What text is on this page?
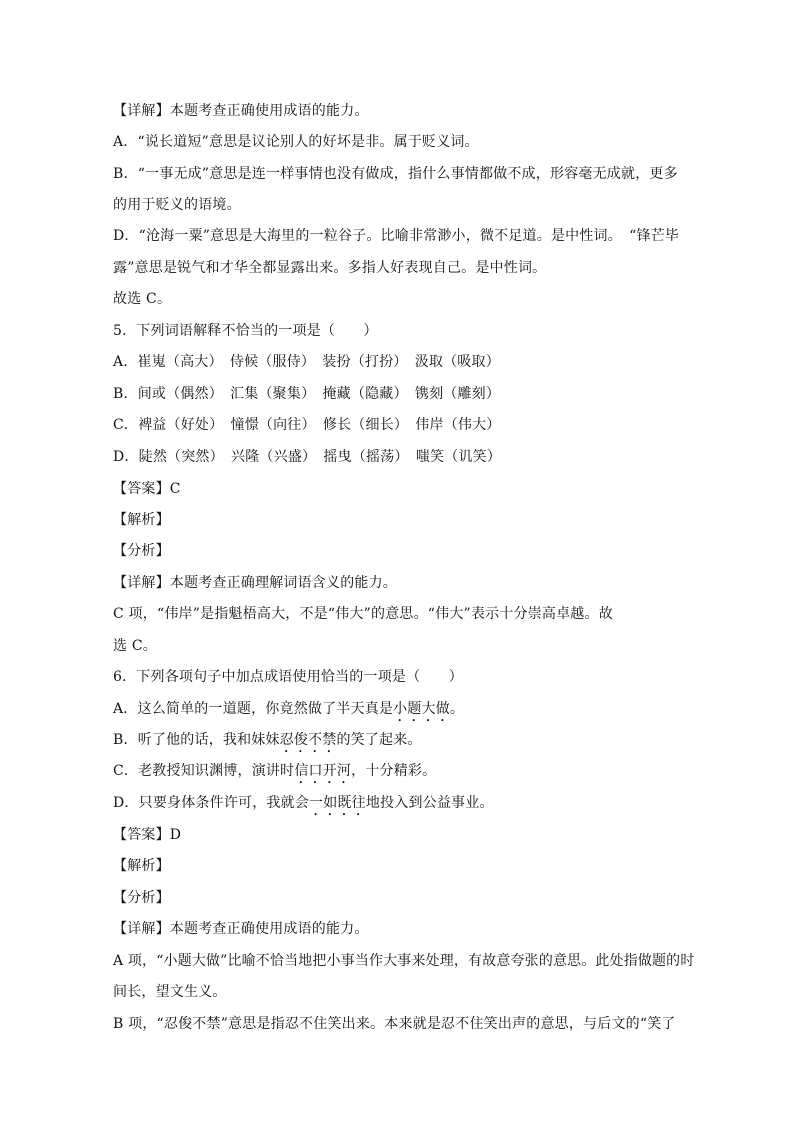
【详解】本题考查正确使用成语的能力。
A．“说长道短”意思是议论别人的好坏是非。属于贬义词。
B．“一事无成”意思是连一样事情也没有做成，指什么事情都做不成，形容毫无成就，更多
的用于贬义的语境。
D．“沧海一粟”意思是大海里的一粒谷子。比喻非常渺小，微不足道。是中性词。　“锋芒毕
露”意思是锐气和才华全都显露出来。多指人好表现自己。是中性词。
故选 C。
5．下列词语解释不恰当的一项是（　　）
A．崔嵬（高大）　侍候（服侍）　装扮（打扮）　汲取（吸取）
B．间或（偶然）　汇集（聚集）　掩藏（隐藏）　镌刻（雕刻）
C．裨益（好处）　憧憬（向往）　修长（细长）　伟岸（伟大）
D．陡然（突然）　兴隆（兴盛）　摇曳（摇荡）　嗤笑（讥笑）
【答案】C
【解析】
【分析】
【详解】本题考查正确理解词语含义的能力。
C 项，“伟岸”是指魁梧高大，不是“伟大”的意思。“伟大”表示十分崇高卓越。故
选 C。
6．下列各项句子中加点成语使用恰当的一项是（　　）
A．这么简单的一道题，你竟然做了半天真是小题大做。
B．听了他的话，我和妹妹忍俊不禁的笑了起来。
C．老教授知识渊博，演讲时信口开河，十分精彩。
D．只要身体条件许可，我就会一如既往地投入到公益事业。
【答案】D
【解析】
【分析】
【详解】本题考查正确使用成语的能力。
A 项，“小题大做”比喻不恰当地把小事当作大事来处理，有故意夸张的意思。此处指做题的时
间长，望文生义。
B 项，“忍俊不禁”意思是指忍不住笑出来。本来就是忍不住笑出声的意思，与后文的“笑了
